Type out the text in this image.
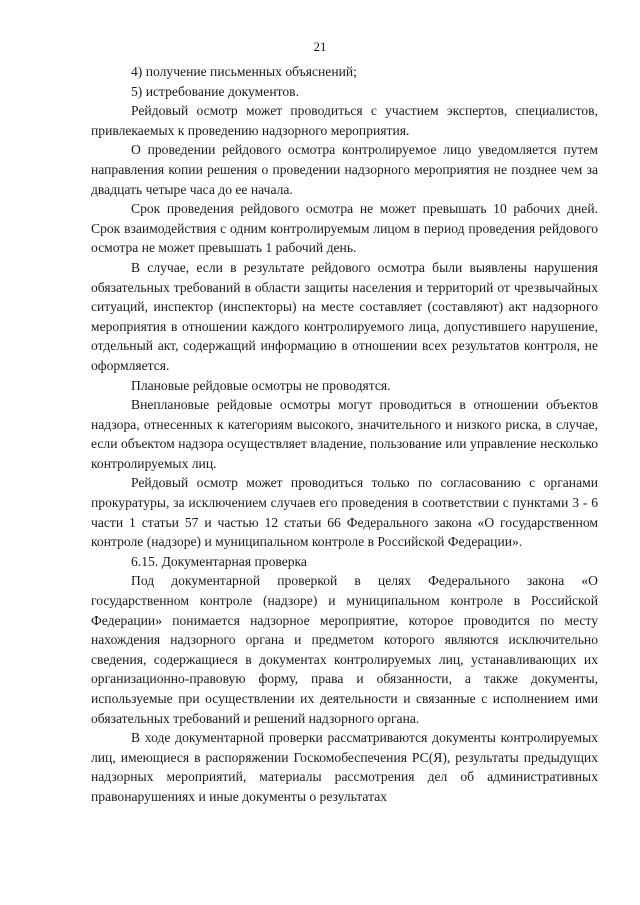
21

4) получение письменных объяснений;

5) истребование документов.

Рейдовый осмотр может проводиться с участием экспертов, специалистов, привлекаемых к проведению надзорного мероприятия.

О проведении рейдового осмотра контролируемое лицо уведомляется путем направления копии решения о проведении надзорного мероприятия не позднее чем за двадцать четыре часа до ее начала.

Срок проведения рейдового осмотра не может превышать 10 рабочих дней. Срок взаимодействия с одним контролируемым лицом в период проведения рейдового осмотра не может превышать 1 рабочий день.

В случае, если в результате рейдового осмотра были выявлены нарушения обязательных требований в области защиты населения и территорий от чрезвычайных ситуаций, инспектор (инспекторы) на месте составляет (составляют) акт надзорного мероприятия в отношении каждого контролируемого лица, допустившего нарушение, отдельный акт, содержащий информацию в отношении всех результатов контроля, не оформляется.

Плановые рейдовые осмотры не проводятся.

Внеплановые рейдовые осмотры могут проводиться в отношении объектов надзора, отнесенных к категориям высокого, значительного и низкого риска, в случае, если объектом надзора осуществляет владение, пользование или управление несколько контролируемых лиц.

Рейдовый осмотр может проводиться только по согласованию с органами прокуратуры, за исключением случаев его проведения в соответствии с пунктами 3 - 6 части 1 статьи 57 и частью 12 статьи 66 Федерального закона «О государственном контроле (надзоре) и муниципальном контроле в Российской Федерации».

6.15. Документарная проверка

Под документарной проверкой в целях Федерального закона «О государственном контроле (надзоре) и муниципальном контроле в Российской Федерации» понимается надзорное мероприятие, которое проводится по месту нахождения надзорного органа и предметом которого являются исключительно сведения, содержащиеся в документах контролируемых лиц, устанавливающих их организационно-правовую форму, права и обязанности, а также документы, используемые при осуществлении их деятельности и связанные с исполнением ими обязательных требований и решений надзорного органа.

В ходе документарной проверки рассматриваются документы контролируемых лиц, имеющиеся в распоряжении Госкомобеспечения РС(Я), результаты предыдущих надзорных мероприятий, материалы рассмотрения дел об административных правонарушениях и иные документы о результатах
